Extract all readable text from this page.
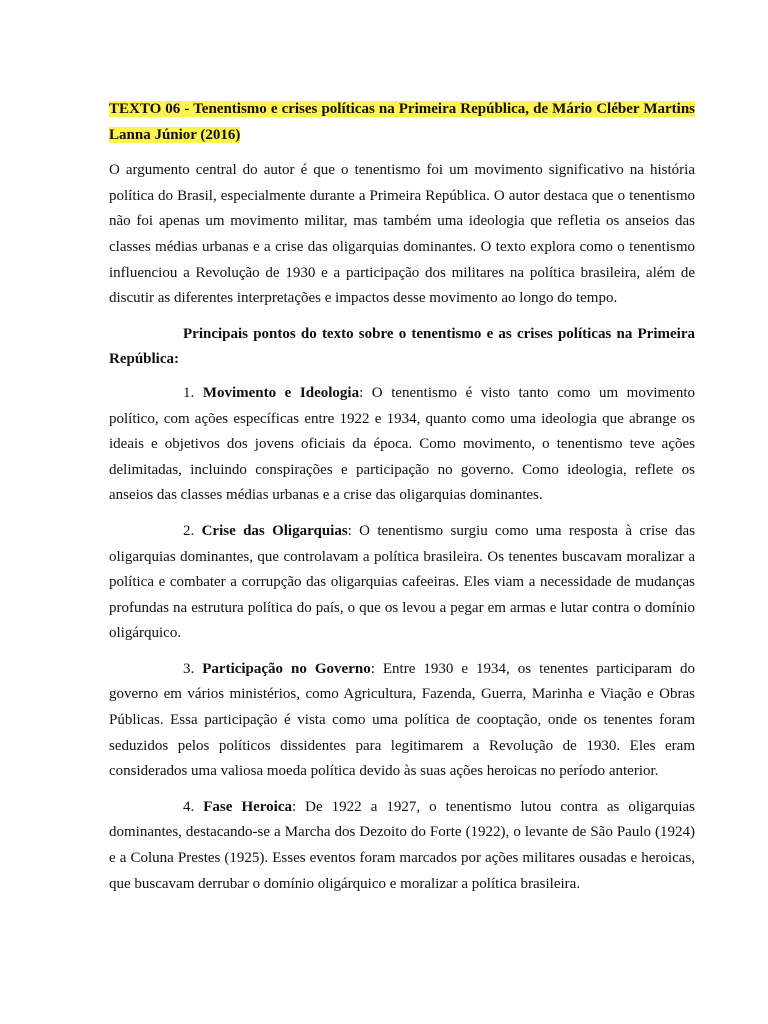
TEXTO 06 - Tenentismo e crises políticas na Primeira República, de Mário Cléber Martins Lanna Júnior (2016)

O argumento central do autor é que o tenentismo foi um movimento significativo na história política do Brasil, especialmente durante a Primeira República. O autor destaca que o tenentismo não foi apenas um movimento militar, mas também uma ideologia que refletia os anseios das classes médias urbanas e a crise das oligarquias dominantes. O texto explora como o tenentismo influenciou a Revolução de 1930 e a participação dos militares na política brasileira, além de discutir as diferentes interpretações e impactos desse movimento ao longo do tempo.

Principais pontos do texto sobre o tenentismo e as crises políticas na Primeira República:
1. Movimento e Ideologia: O tenentismo é visto tanto como um movimento político, com ações específicas entre 1922 e 1934, quanto como uma ideologia que abrange os ideais e objetivos dos jovens oficiais da época. Como movimento, o tenentismo teve ações delimitadas, incluindo conspirações e participação no governo. Como ideologia, reflete os anseios das classes médias urbanas e a crise das oligarquias dominantes.
2. Crise das Oligarquias: O tenentismo surgiu como uma resposta à crise das oligarquias dominantes, que controlavam a política brasileira. Os tenentes buscavam moralizar a política e combater a corrupção das oligarquias cafeeiras. Eles viam a necessidade de mudanças profundas na estrutura política do país, o que os levou a pegar em armas e lutar contra o domínio oligárquico.
3. Participação no Governo: Entre 1930 e 1934, os tenentes participaram do governo em vários ministérios, como Agricultura, Fazenda, Guerra, Marinha e Viação e Obras Públicas. Essa participação é vista como uma política de cooptação, onde os tenentes foram seduzidos pelos políticos dissidentes para legitimarem a Revolução de 1930. Eles eram considerados uma valiosa moeda política devido às suas ações heroicas no período anterior.
4. Fase Heroica: De 1922 a 1927, o tenentismo lutou contra as oligarquias dominantes, destacando-se a Marcha dos Dezoito do Forte (1922), o levante de São Paulo (1924) e a Coluna Prestes (1925). Esses eventos foram marcados por ações militares ousadas e heroicas, que buscavam derrubar o domínio oligárquico e moralizar a política brasileira.
